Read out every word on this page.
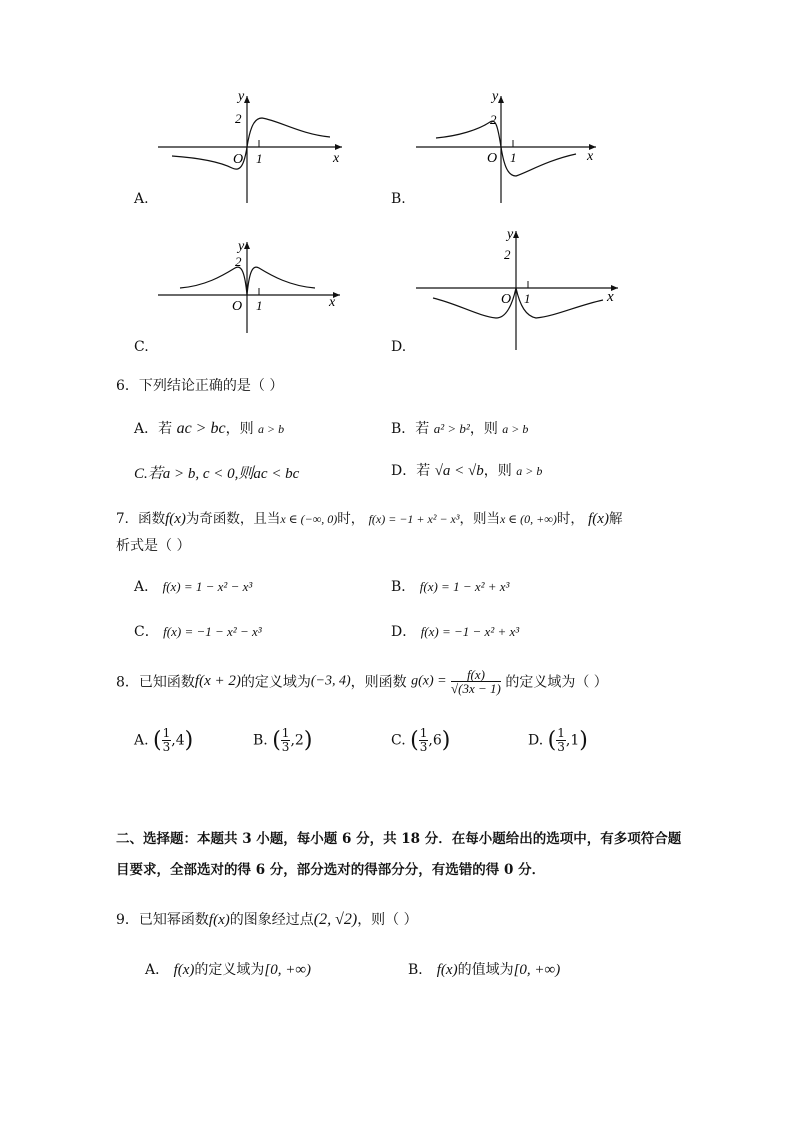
y
x
O 1
2
A.
y
x
O 1
2
B.
y
x
O 1
2
C.
y
x
O 1
2
D.
6．下列结论正确的是（ ）
A．若 ac > bc，则 a > b	B．若 a² > b²，则 a > b
C.若a > b, c < 0,则ac < bc	D．若 √a < √b，则 a > b
7．函数f(x)为奇函数，且当x ∈ (−∞, 0)时， f(x) = −1 + x² − x³，则当x ∈ (0, +∞)时， f(x)解
析式是（ ）
A． f(x) = 1 − x² − x³	B． f(x) = 1 − x² + x³
C． f(x) = −1 − x² − x³	D． f(x) = −1 − x² + x³
8．已知函数f(x + 2)的定义域为(−3, 4)，则函数 $g(x) = \frac{f(x)}{√(3x - 1)}$ 的定义域为（ ）
A. ( $\frac{1}{3} ,4$)	B. ( $\frac{1}{3} ,2$)	C. ( $\frac{1}{3} ,6$)	D. ( $\frac{1}{3} ,1$)
二、选择题：本题共 3 小题，每小题 6 分，共 18 分．在每小题给出的选项中，有多项符合题
目要求，全部选对的得 6 分，部分选对的得部分分，有选错的得 0 分．
9．已知幂函数f(x)的图象经过点(2, √2)，则（ ）
A． f(x)的定义域为[0, +∞)	B． f(x)的值域为[0, +∞)
